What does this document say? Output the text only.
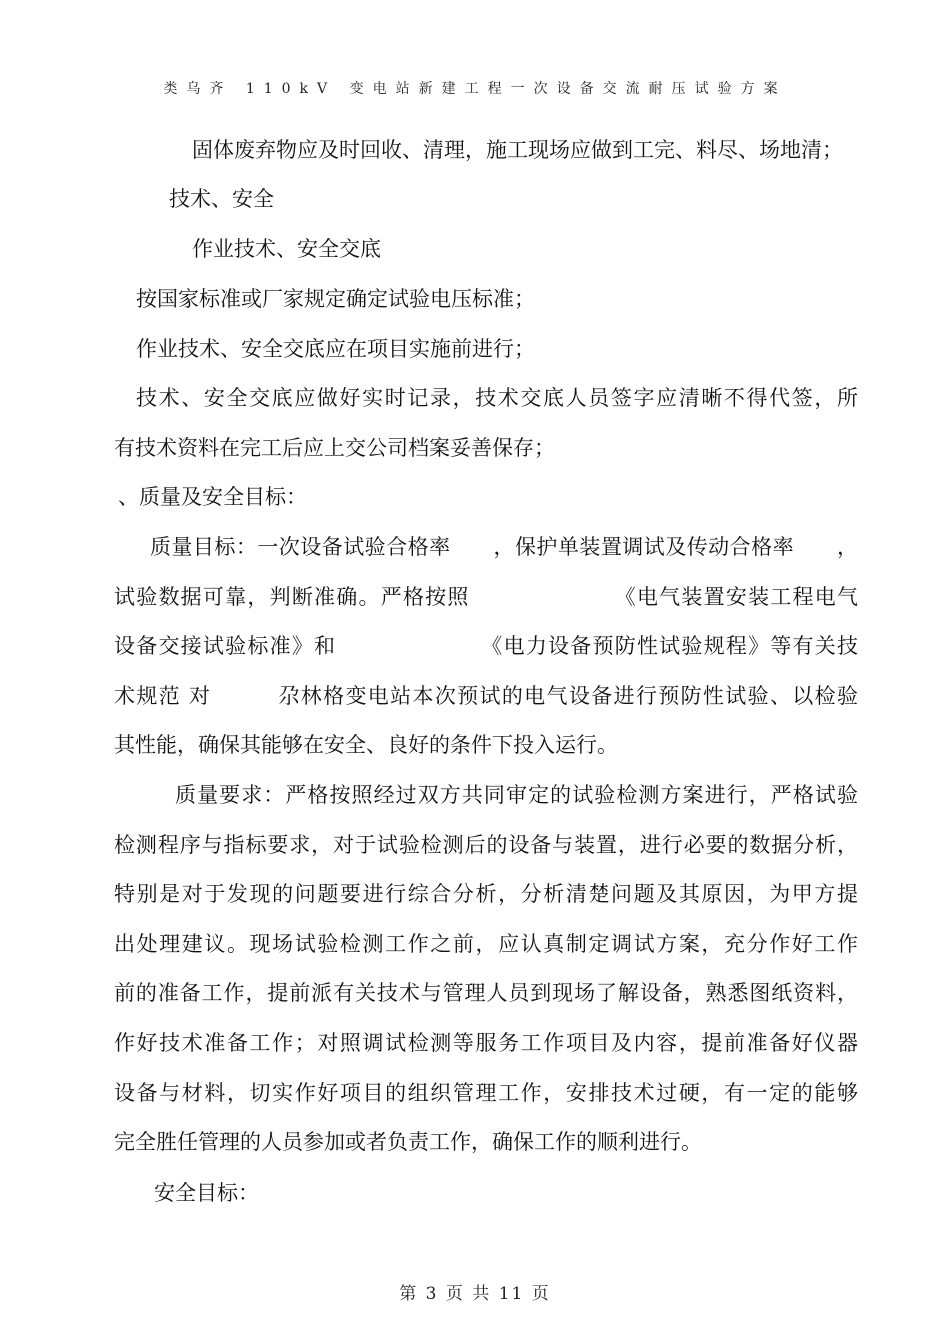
类乌齐 110kV 变电站新建工程一次设备交流耐压试验方案
固体废弃物应及时回收、清理，施工现场应做到工完、料尽、场地清；
技术、安全
作业技术、安全交底
按国家标准或厂家规定确定试验电压标准；
作业技术、安全交底应在项目实施前进行；
技术、安全交底应做好实时记录，技术交底人员签字应清晰不得代签，所
有技术资料在完工后应上交公司档案妥善保存；
、质量及安全目标：
质量目标：一次设备试验合格率　　，保护单装置调试及传动合格率　　，
试验数据可靠，判断准确。严格按照　　　　　　　《电气装置安装工程电气
设备交接试验标准》和　　　　　　　《电力设备预防性试验规程》等有关技
术规范 对　　　尕林格变电站本次预试的电气设备进行预防性试验、以检验
其性能，确保其能够在安全、良好的条件下投入运行。
质量要求：严格按照经过双方共同审定的试验检测方案进行，严格试验
检测程序与指标要求，对于试验检测后的设备与装置，进行必要的数据分析，
特别是对于发现的问题要进行综合分析，分析清楚问题及其原因，为甲方提
出处理建议。现场试验检测工作之前，应认真制定调试方案，充分作好工作
前的准备工作，提前派有关技术与管理人员到现场了解设备，熟悉图纸资料，
作好技术准备工作；对照调试检测等服务工作项目及内容，提前准备好仪器
设备与材料，切实作好项目的组织管理工作，安排技术过硬，有一定的能够
完全胜任管理的人员参加或者负责工作，确保工作的顺利进行。
安全目标：
第 3 页 共 11 页
